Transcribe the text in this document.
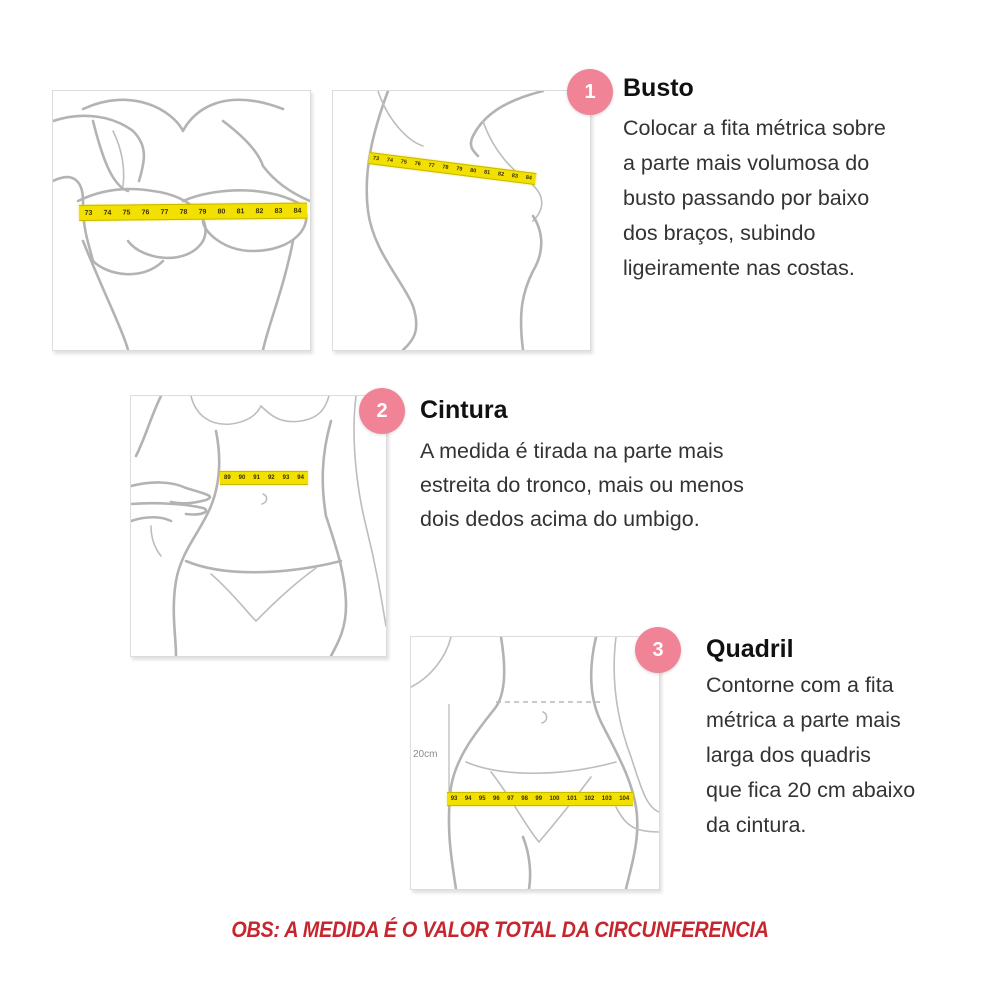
73 74 75 76 77 78 79 80 81 82 83 84
73 74 75 76 77 78 79 80 81 82 83 84
1	Busto
Colocar a fita métrica sobre
a parte mais volumosa do
busto passando por baixo
dos braços, subindo
ligeiramente nas costas.
89 90 91 92 93 94
2	Cintura
A medida é tirada na parte mais
estreita do tronco, mais ou menos
dois dedos acima do umbigo.
20cm
93 94 95 96 97 98 99 100 101 102 103 104
3	Quadril
Contorne com a fita
métrica a parte mais
larga dos quadris
que fica 20 cm abaixo
da cintura.
OBS: A MEDIDA É O VALOR TOTAL DA CIRCUNFERENCIA
